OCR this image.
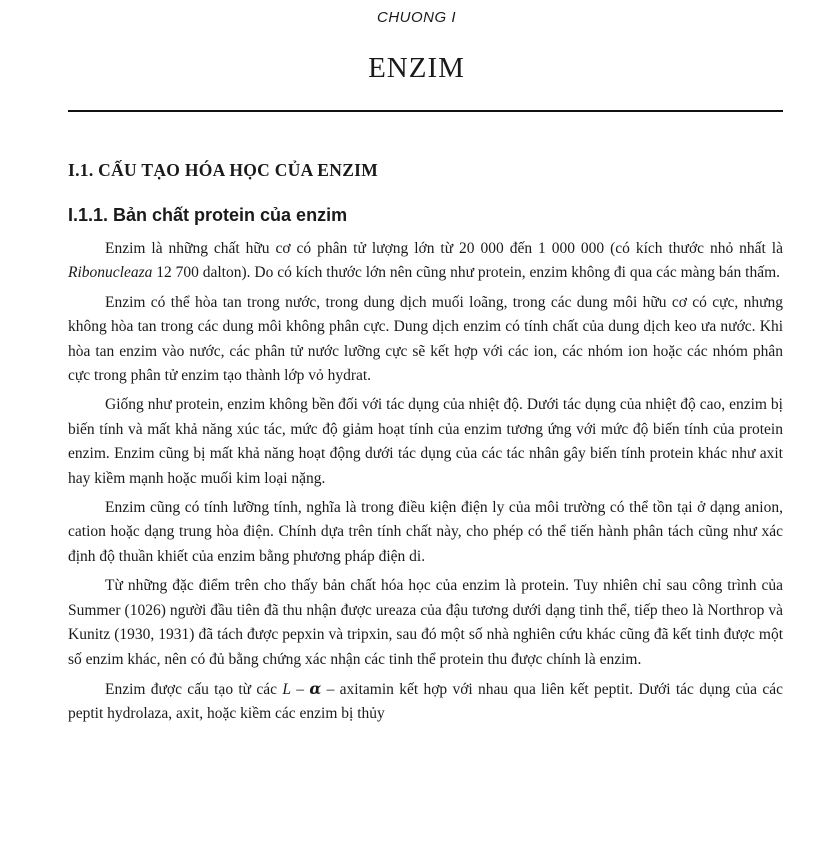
CHUONG I
ENZIM
I.1. CẤU TẠO HÓA HỌC CỦA ENZIM
I.1.1. Bản chất protein của enzim

Enzim là những chất hữu cơ có phân tử lượng lớn từ 20 000 đến 1 000 000 (có kích thước nhỏ nhất là Ribonucleaza 12 700 dalton). Do có kích thước lớn nên cũng như protein, enzim không đi qua các màng bán thấm.

Enzim có thể hòa tan trong nước, trong dung dịch muối loãng, trong các dung môi hữu cơ có cực, nhưng không hòa tan trong các dung môi không phân cực. Dung dịch enzim có tính chất của dung dịch keo ưa nước. Khi hòa tan enzim vào nước, các phân tử nước lưỡng cực sẽ kết hợp với các ion, các nhóm ion hoặc các nhóm phân cực trong phân tử enzim tạo thành lớp vỏ hydrat.

Giống như protein, enzim không bền đối với tác dụng của nhiệt độ. Dưới tác dụng của nhiệt độ cao, enzim bị biến tính và mất khả năng xúc tác, mức độ giảm hoạt tính của enzim tương ứng với mức độ biến tính của protein enzim. Enzim cũng bị mất khả năng hoạt động dưới tác dụng của các tác nhân gây biến tính protein khác như axit hay kiềm mạnh hoặc muối kim loại nặng.

Enzim cũng có tính lưỡng tính, nghĩa là trong điều kiện điện ly của môi trường có thể tồn tại ở dạng anion, cation hoặc dạng trung hòa điện. Chính dựa trên tính chất này, cho phép có thể tiến hành phân tách cũng như xác định độ thuần khiết của enzim bằng phương pháp điện di.

Từ những đặc điểm trên cho thấy bản chất hóa học của enzim là protein. Tuy nhiên chỉ sau công trình của Summer (1026) người đầu tiên đã thu nhận được ureaza của đậu tương dưới dạng tinh thể, tiếp theo là Northrop và Kunitz (1930, 1931) đã tách được pepxin và tripxin, sau đó một số nhà nghiên cứu khác cũng đã kết tinh được một số enzim khác, nên có đủ bằng chứng xác nhận các tinh thể protein thu được chính là enzim.

Enzim được cấu tạo từ các L – α – axitamin kết hợp với nhau qua liên kết peptit. Dưới tác dụng của các peptit hydrolaza, axit, hoặc kiềm các enzim bị thủy
